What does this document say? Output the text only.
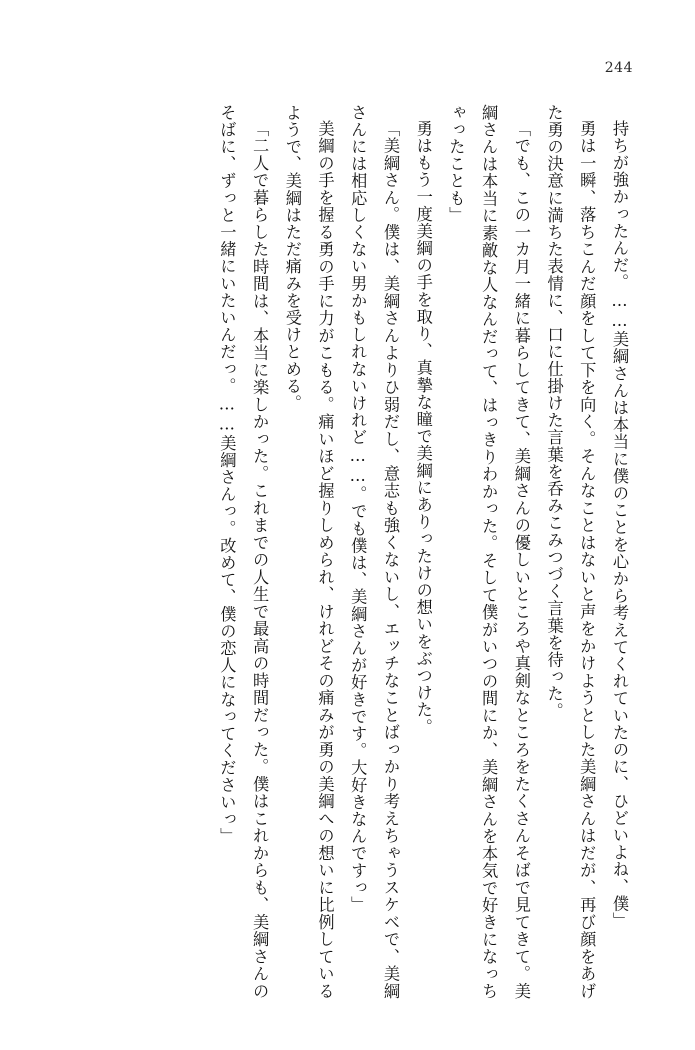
244

持ちが強かったんだ。……美綱さんは本当に僕のことを心から考えてくれていたのに、ひどいよね、僕」

勇は一瞬、落ちこんだ顔をして下を向く。そんなことはないと声をかけようとした美綱さんはだが、再び顔をあげた勇の決意に満ちた表情に、口に仕掛けた言葉を呑みこみつづく言葉を待った。

「でも、この一カ月一緒に暮らしてきて、美綱さんの優しいところや真剣なところをたくさんそばで見てきて。美綱さんは本当に素敵な人なんだって、はっきりわかった。そして僕がいつの間にか、美綱さんを本気で好きになっちゃったことも」

勇はもう一度美綱の手を取り、真摯な瞳で美綱にありったけの想いをぶつけた。

「美綱さん。僕は、美綱さんよりひ弱だし、意志も強くないし、エッチなことばっかり考えちゃうスケベで、美綱さんには相応しくない男かもしれないけれど……。でも僕は、美綱さんが好きです。大好きなんですっ」

美綱の手を握る勇の手に力がこもる。痛いほど握りしめられ、けれどその痛みが勇の美綱への想いに比例しているようで、美綱はただ痛みを受けとめる。

「二人で暮らした時間は、本当に楽しかった。これまでの人生で最高の時間だった。僕はこれからも、美綱さんのそばに、ずっと一緒にいたいんだっ。……美綱さんっ。改めて、僕の恋人になってくださいっ」
